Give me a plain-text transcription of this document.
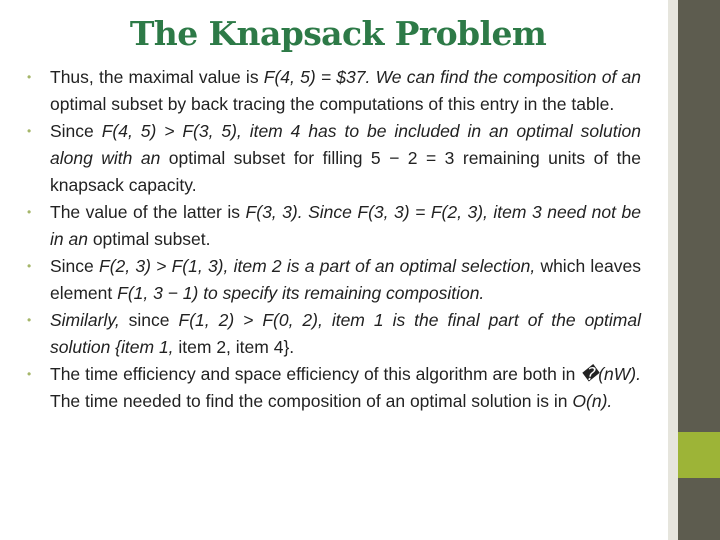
The Knapsack Problem
• Thus, the maximal value is F(4, 5) = $37. We can find the composition of an optimal subset by back tracing the computations of this entry in the table.
• Since F(4, 5) > F(3, 5), item 4 has to be included in an optimal solution along with an optimal subset for filling 5 − 2 = 3 remaining units of the knapsack capacity.
• The value of the latter is F(3, 3). Since F(3, 3) = F(2, 3), item 3 need not be in an optimal subset.
• Since F(2, 3) > F(1, 3), item 2 is a part of an optimal selection, which leaves element F(1, 3 − 1) to specify its remaining composition.
• Similarly, since F(1, 2) > F(0, 2), item 1 is the final part of the optimal solution {item 1, item 2, item 4}.
• The time efficiency and space efficiency of this algorithm are both in �(nW). The time needed to find the composition of an optimal solution is in O(n).
